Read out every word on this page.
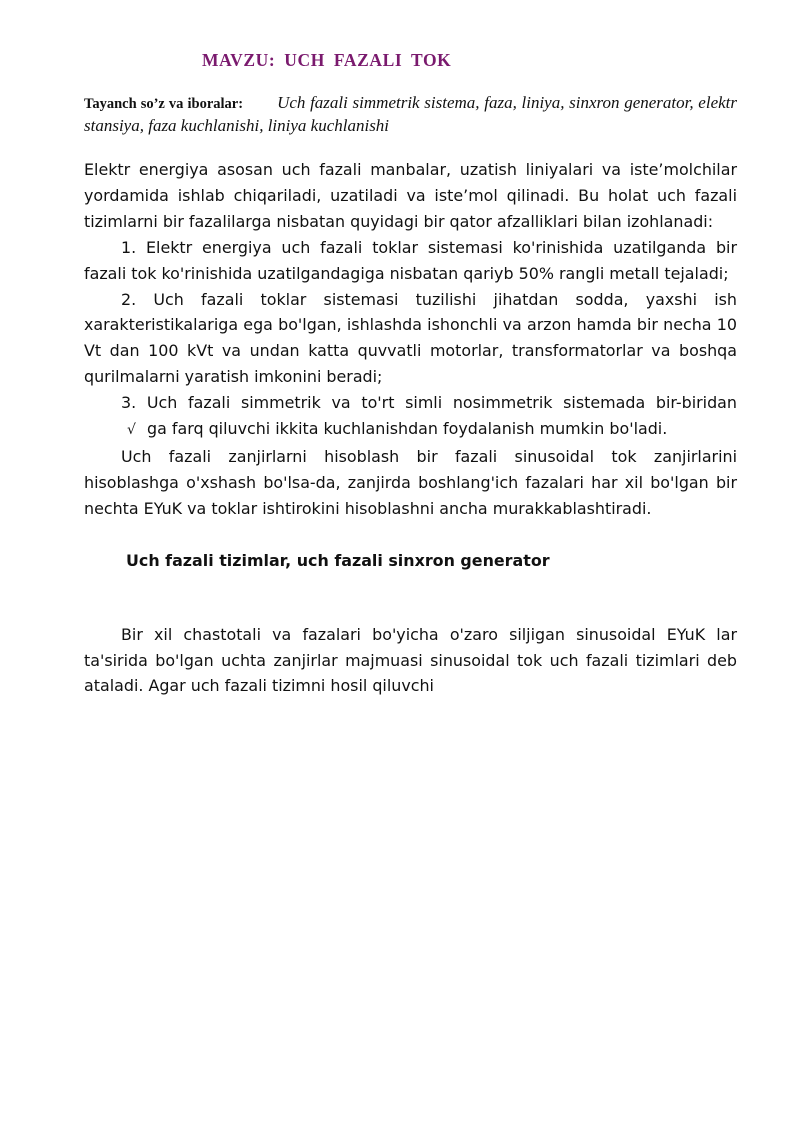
MAVZU: UCH FAZALI TOK
Tayanch so’z va iboralar: Uch fazali simmetrik sistema, faza, liniya, sinxron generator, elektr stansiya, faza kuchlanishi, liniya kuchlanishi

Elektr energiya asosan uch fazali manbalar, uzatish liniyalari va iste’molchilar yordamida ishlab chiqariladi, uzatiladi va iste’mol qilinadi. Bu holat uch fazali tizimlarni bir fazalilarga nisbatan quyidagi bir qator afzalliklari bilan izohlanadi:

1. Elektr energiya uch fazali toklar sistemasi ko'rinishida uzatilganda bir fazali tok ko'rinishida uzatilgandagiga nisbatan qariyb 50% rangli metall tejaladi;

2. Uch fazali toklar sistemasi tuzilishi jihatdan sodda, yaxshi ish xarakteristikalariga ega bo'lgan, ishlashda ishonchli va arzon hamda bir necha 10 Vt dan 100 kVt va undan katta quvvatli motorlar, transformatorlar va boshqa qurilmalarni yaratish imkonini beradi;

3. Uch fazali simmetrik va to'rt simli nosimmetrik sistemada bir-biridan √ ga farq qiluvchi ikkita kuchlanishdan foydalanish mumkin bo'ladi.

Uch fazali zanjirlarni hisoblash bir fazali sinusoidal tok zanjirlarini hisoblashga o'xshash bo'lsa-da, zanjirda boshlang'ich fazalari har xil bo'lgan bir nechta EYuK va toklar ishtirokini hisoblashni ancha murakkablashtiradi.

Uch fazali tizimlar, uch fazali sinxron generator

Bir xil chastotali va fazalari bo'yicha o'zaro siljigan sinusoidal EYuK lar ta'sirida bo'lgan uchta zanjirlar majmuasi sinusoidal tok uch fazali tizimlari deb ataladi. Agar uch fazali tizimni hosil qiluvchi
